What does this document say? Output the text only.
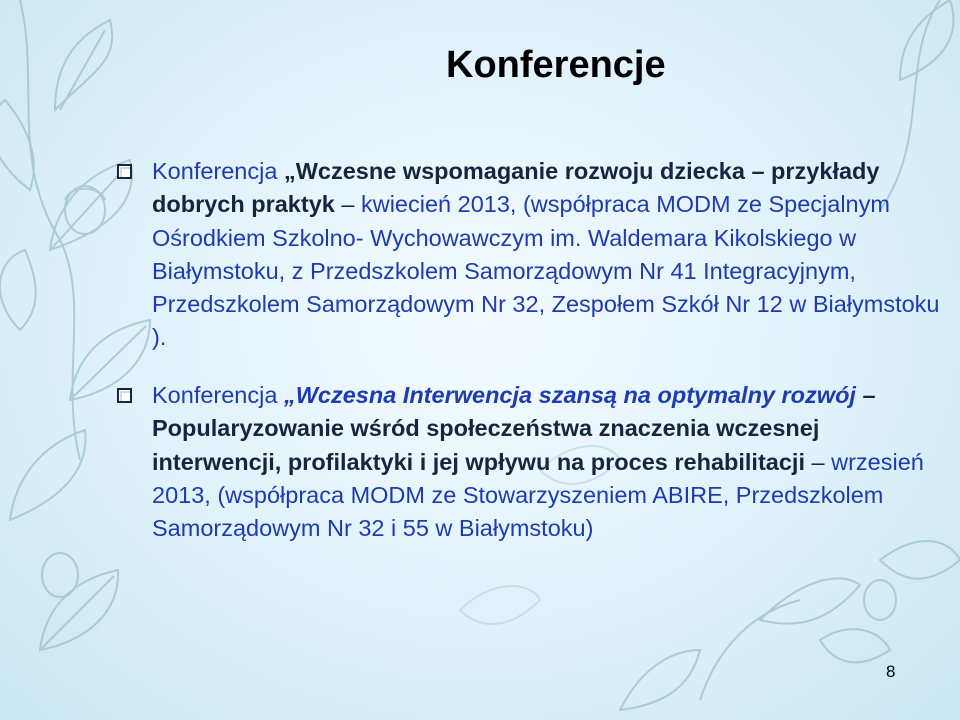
Konferencje
Konferencja „Wczesne wspomaganie rozwoju dziecka – przykłady dobrych praktyk – kwiecień 2013, (współpraca MODM ze Specjalnym Ośrodkiem Szkolno- Wychowawczym im. Waldemara Kikolskiego w Białymstoku, z Przedszkolem Samorządowym Nr 41 Integracyjnym, Przedszkolem Samorządowym Nr 32, Zespołem Szkół Nr 12 w Białymstoku ).
Konferencja „Wczesna Interwencja szansą na optymalny rozwój – Popularyzowanie wśród społeczeństwa znaczenia wczesnej interwencji, profilaktyki i jej wpływu na proces rehabilitacji – wrzesień 2013, (współpraca MODM ze Stowarzyszeniem ABIRE, Przedszkolem Samorządowym Nr 32 i 55 w Białymstoku)
8
